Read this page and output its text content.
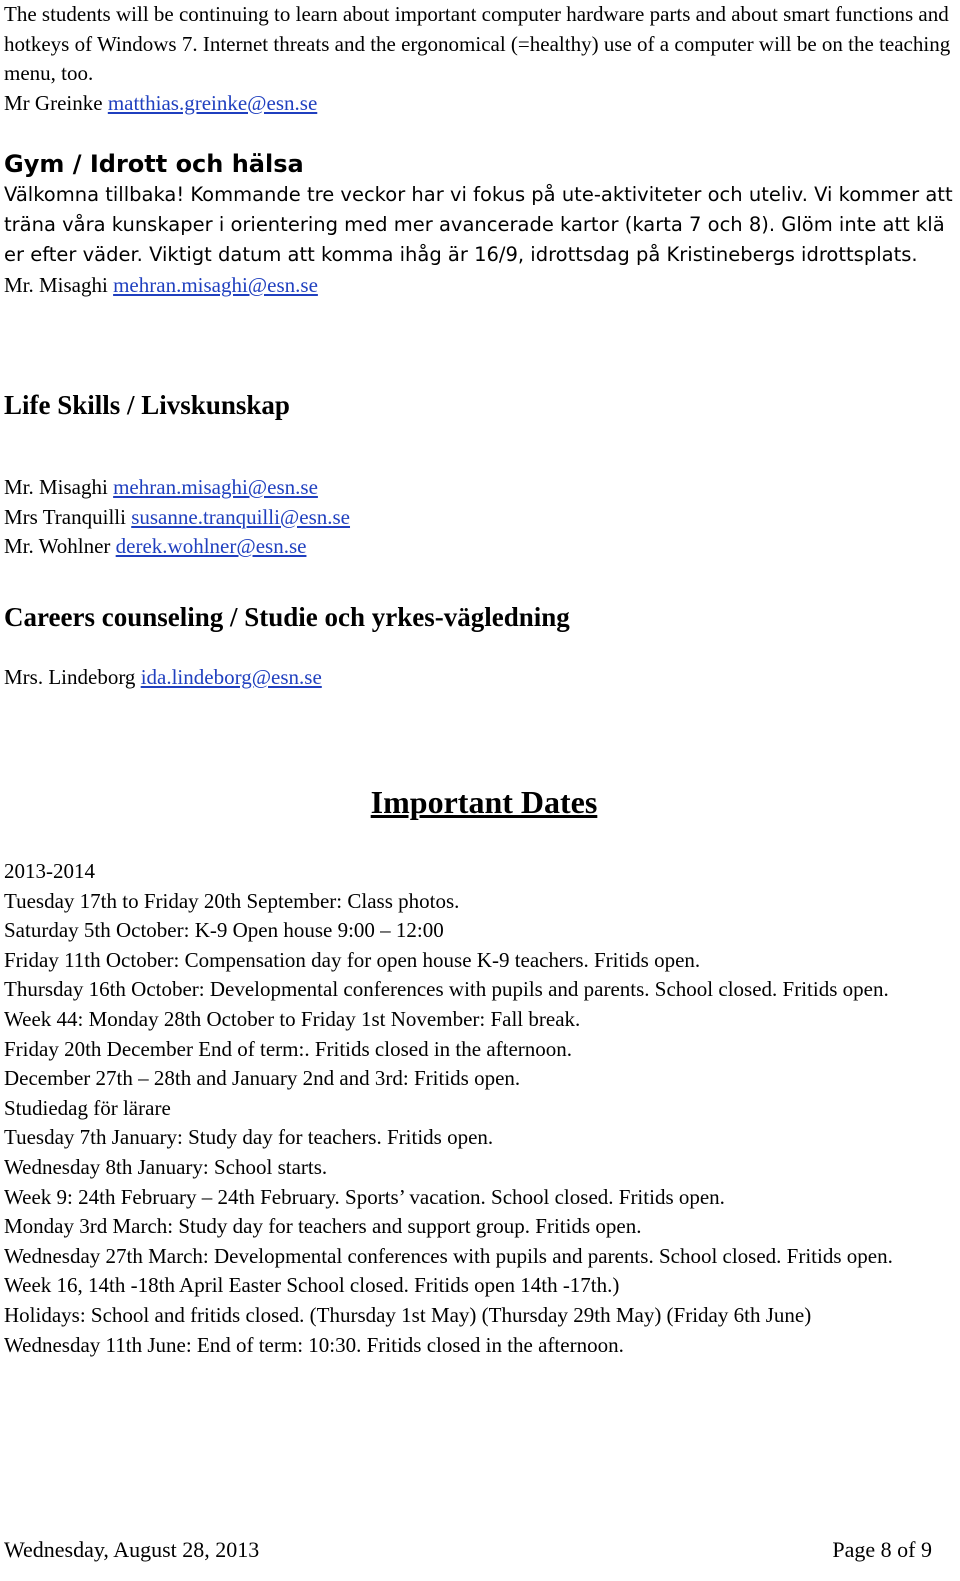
The students will be continuing to learn about important computer hardware parts and about smart functions and hotkeys of Windows 7. Internet threats and the ergonomical (=healthy) use of a computer will be on the teaching menu, too.

Mr Greinke matthias.greinke@esn.se

Gym / Idrott och hälsa

Välkomna tillbaka! Kommande tre veckor har vi fokus på ute-aktiviteter och uteliv. Vi kommer att träna våra kunskaper i orientering med mer avancerade kartor (karta 7 och 8). Glöm inte att klä er efter väder. Viktigt datum att komma ihåg är 16/9, idrottsdag på Kristinebergs idrottsplats.

Mr. Misaghi mehran.misaghi@esn.se

Life Skills / Livskunskap

Mr. Misaghi mehran.misaghi@esn.se

Mrs Tranquilli susanne.tranquilli@esn.se

Mr. Wohlner derek.wohlner@esn.se

Careers counseling / Studie och yrkes-vägledning

Mrs. Lindeborg ida.lindeborg@esn.se

Important Dates
2013-2014
Tuesday 17th to Friday 20th September: Class photos.
Saturday 5th October: K-9 Open house 9:00 – 12:00
Friday 11th October: Compensation day for open house K-9 teachers. Fritids open.
Thursday 16th October: Developmental conferences with pupils and parents. School closed. Fritids open.
Week 44: Monday 28th October to Friday 1st November: Fall break.
Friday 20th December End of term:. Fritids closed in the afternoon.
December 27th – 28th and January 2nd and 3rd: Fritids open.
Studiedag för lärare
Tuesday 7th January: Study day for teachers. Fritids open.
Wednesday 8th January: School starts.
Week 9: 24th February – 24th February. Sports’ vacation. School closed. Fritids open.
Monday 3rd March: Study day for teachers and support group. Fritids open.
Wednesday 27th March: Developmental conferences with pupils and parents. School closed. Fritids open.
Week 16, 14th -18th April Easter School closed. Fritids open 14th -17th.)
Holidays: School and fritids closed. (Thursday 1st May) (Thursday 29th May) (Friday 6th June)
Wednesday 11th June: End of term: 10:30. Fritids closed in the afternoon.
Wednesday, August 28, 2013	Page 8 of 9
